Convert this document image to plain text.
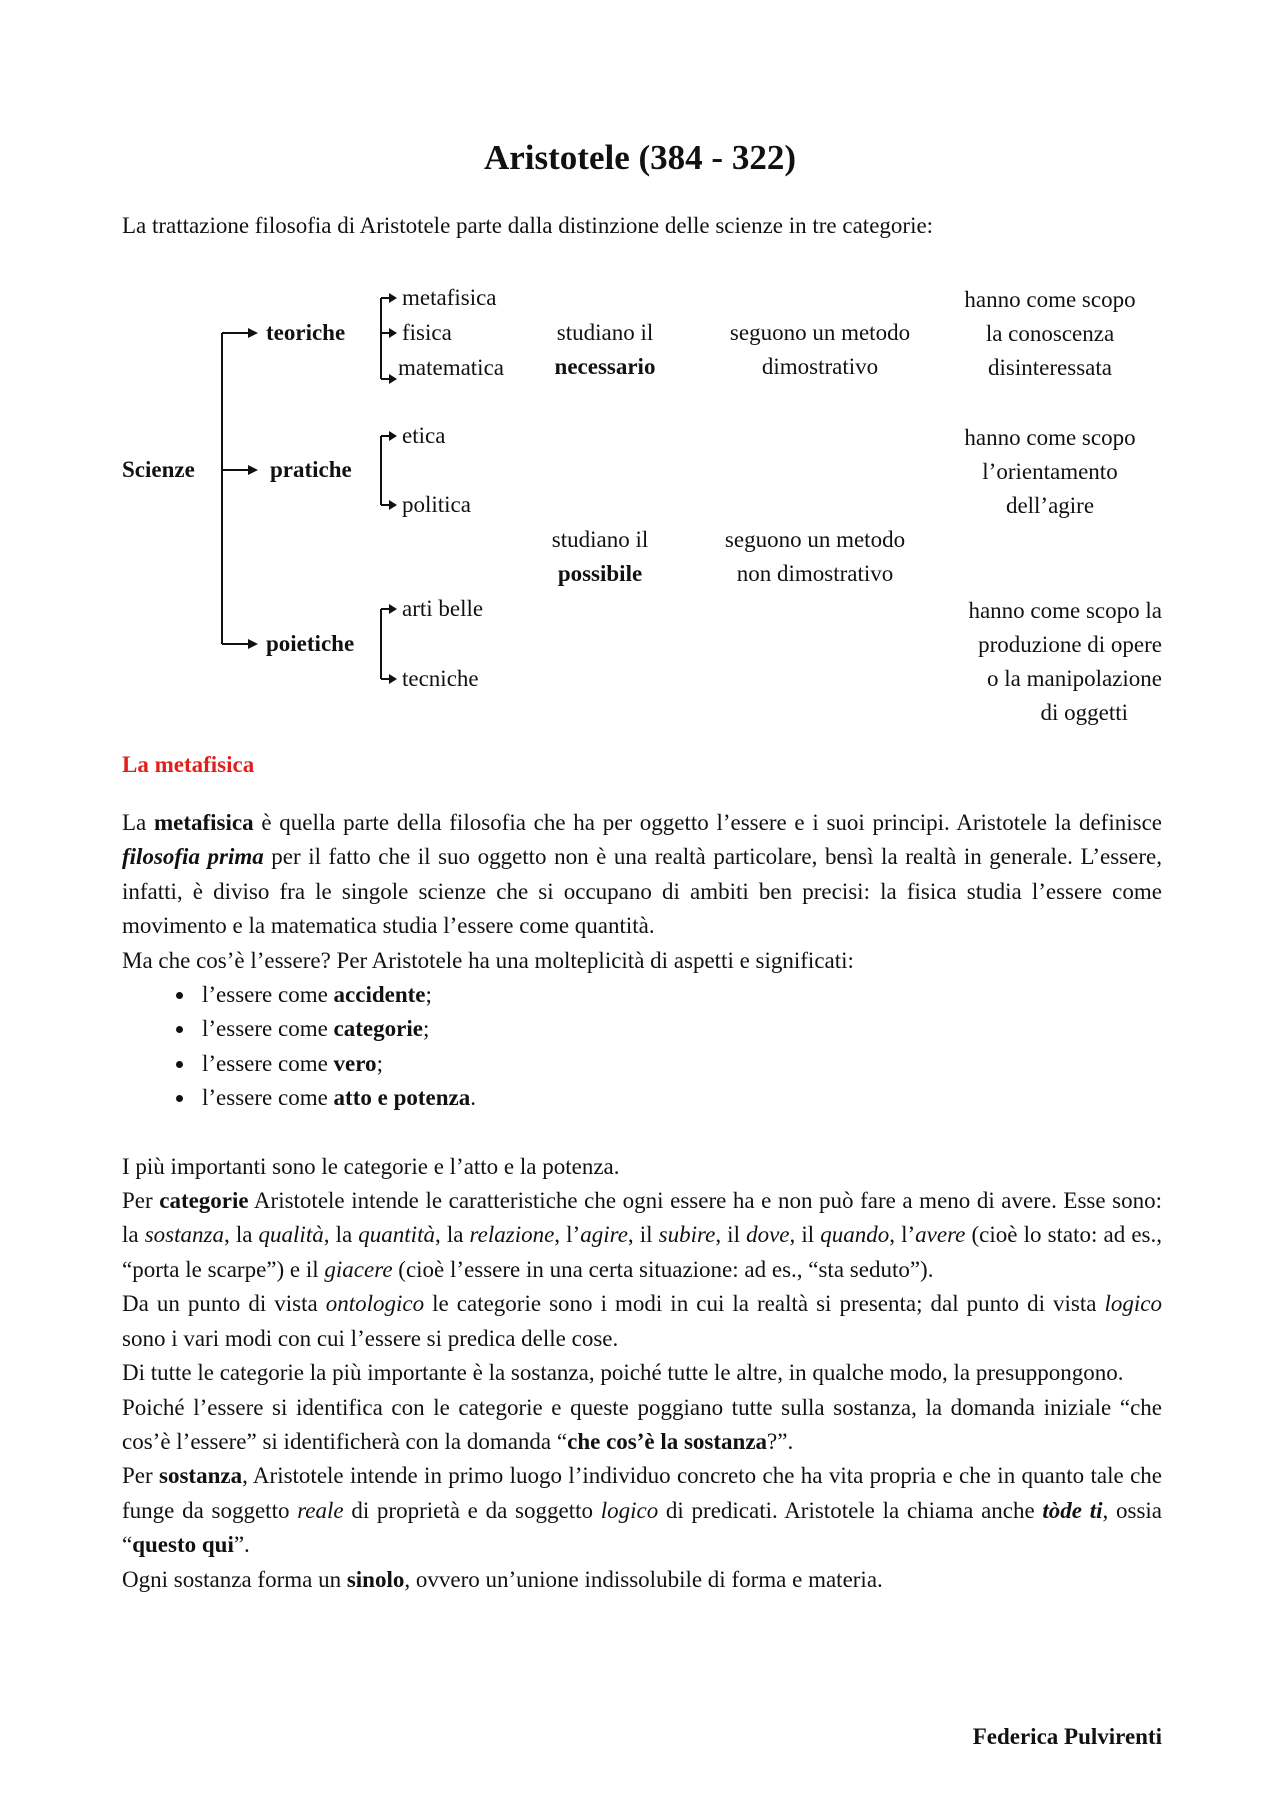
Aristotele (384 - 322)

La trattazione filosofia di Aristotele parte dalla distinzione delle scienze in tre categorie:

Scienze
teoriche
pratiche
poietiche
metafisica
fisica
matematica
etica
politica
arti belle
tecniche
studiano il
necessario
seguono un metodo
dimostrativo
hanno come scopo
la conoscenza
disinteressata
hanno come scopo
l’orientamento
dell’agire
studiano il
possibile
seguono un metodo
non dimostrativo
hanno come scopo la
produzione di opere
o la manipolazione
di oggetti
La metafisica

La metafisica è quella parte della filosofia che ha per oggetto l’essere e i suoi principi. Aristotele la definisce filosofia prima per il fatto che il suo oggetto non è una realtà particolare, bensì la realtà in generale. L’essere, infatti, è diviso fra le singole scienze che si occupano di ambiti ben precisi: la fisica studia l’essere come movimento e la matematica studia l’essere come quantità.

Ma che cos’è l’essere? Per Aristotele ha una molteplicità di aspetti e significati:

• l’essere come accidente;
• l’essere come categorie;
• l’essere come vero;
• l’essere come atto e potenza.

I più importanti sono le categorie e l’atto e la potenza.

Per categorie Aristotele intende le caratteristiche che ogni essere ha e non può fare a meno di avere. Esse sono: la sostanza, la qualità, la quantità, la relazione, l’agire, il subire, il dove, il quando, l’avere (cioè lo stato: ad es., “porta le scarpe”) e il giacere (cioè l’essere in una certa situazione: ad es., “sta seduto”).

Da un punto di vista ontologico le categorie sono i modi in cui la realtà si presenta; dal punto di vista logico sono i vari modi con cui l’essere si predica delle cose.

Di tutte le categorie la più importante è la sostanza, poiché tutte le altre, in qualche modo, la presuppongono.

Poiché l’essere si identifica con le categorie e queste poggiano tutte sulla sostanza, la domanda iniziale “che cos’è l’essere” si identificherà con la domanda “che cos’è la sostanza?”.

Per sostanza, Aristotele intende in primo luogo l’individuo concreto che ha vita propria e che in quanto tale che funge da soggetto reale di proprietà e da soggetto logico di predicati. Aristotele la chiama anche tòde ti, ossia “questo qui”.

Ogni sostanza forma un sinolo, ovvero un’unione indissolubile di forma e materia.

Federica Pulvirenti
